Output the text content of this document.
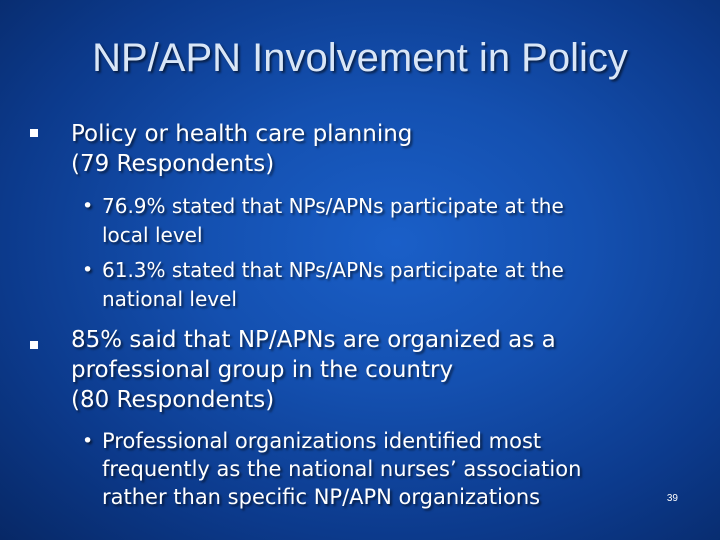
NP/APN Involvement in Policy
Policy or health care planning
(79 Respondents)
• 76.9% stated that NPs/APNs participate at the
local level
• 61.3% stated that NPs/APNs participate at the
national level
85% said that NP/APNs are organized as a
professional group in the country
(80 Respondents)
• Professional organizations identified most
frequently as the national nurses’ association
rather than specific NP/APN organizations	39
